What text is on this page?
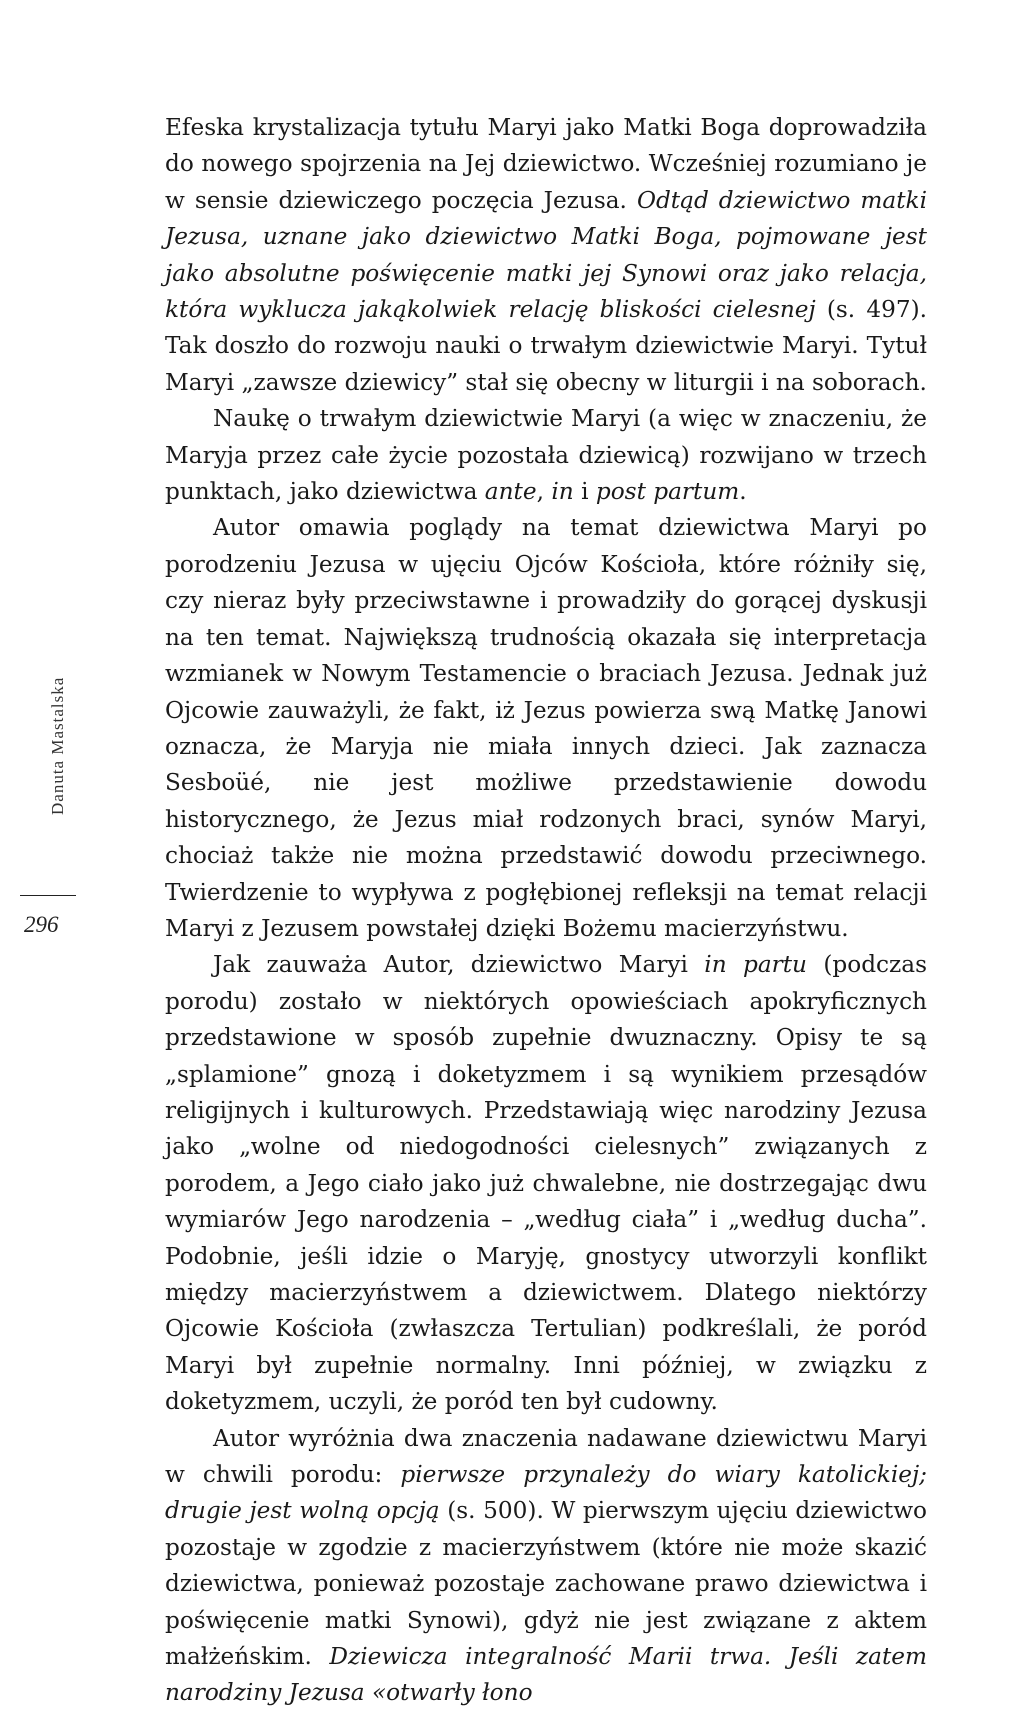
Danuta Mastalska
296

Efeska krystalizacja tytułu Maryi jako Matki Boga doprowadziła do nowego spojrzenia na Jej dziewictwo. Wcześniej rozumiano je w sensie dziewiczego poczęcia Jezusa. Odtąd dziewictwo matki Jezusa, uznane jako dziewictwo Matki Boga, pojmowane jest jako absolutne poświęcenie matki jej Synowi oraz jako relacja, która wyklucza jakąkolwiek relację bliskości cielesnej (s. 497). Tak doszło do rozwoju nauki o trwałym dziewictwie Maryi. Tytuł Maryi „zawsze dziewicy” stał się obecny w liturgii i na soborach.

Naukę o trwałym dziewictwie Maryi (a więc w znaczeniu, że Maryja przez całe życie pozostała dziewicą) rozwijano w trzech punktach, jako dziewictwa ante, in i post partum.

Autor omawia poglądy na temat dziewictwa Maryi po porodzeniu Jezusa w ujęciu Ojców Kościoła, które różniły się, czy nieraz były przeciwstawne i prowadziły do gorącej dyskusji na ten temat. Największą trudnością okazała się interpretacja wzmianek w Nowym Testamencie o braciach Jezusa. Jednak już Ojcowie zauważyli, że fakt, iż Jezus powierza swą Matkę Janowi oznacza, że Maryja nie miała innych dzieci. Jak zaznacza Sesboüé, nie jest możliwe przedstawienie dowodu historycznego, że Jezus miał rodzonych braci, synów Maryi, chociaż także nie można przedstawić dowodu przeciwnego. Twierdzenie to wypływa z pogłębionej refleksji na temat relacji Maryi z Jezusem powstałej dzięki Bożemu macierzyństwu.

Jak zauważa Autor, dziewictwo Maryi in partu (podczas porodu) zostało w niektórych opowieściach apokryficznych przedstawione w sposób zupełnie dwuznaczny. Opisy te są „splamione” gnozą i doketyzmem i są wynikiem przesądów religijnych i kulturowych. Przedstawiają więc narodziny Jezusa jako „wolne od niedogodności cielesnych” związanych z porodem, a Jego ciało jako już chwalebne, nie dostrzegając dwu wymiarów Jego narodzenia – „według ciała” i „według ducha”. Podobnie, jeśli idzie o Maryję, gnostycy utworzyli konflikt między macierzyństwem a dziewictwem. Dlatego niektórzy Ojcowie Kościoła (zwłaszcza Tertulian) podkreślali, że poród Maryi był zupełnie normalny. Inni później, w związku z doketyzmem, uczyli, że poród ten był cudowny.

Autor wyróżnia dwa znaczenia nadawane dziewictwu Maryi w chwili porodu: pierwsze przynależy do wiary katolickiej; drugie jest wolną opcją (s. 500). W pierwszym ujęciu dziewictwo pozostaje w zgodzie z macierzyństwem (które nie może skazić dziewictwa, ponieważ pozostaje zachowane prawo dziewictwa i poświęcenie matki Synowi), gdyż nie jest związane z aktem małżeńskim. Dziewicza integralność Marii trwa. Jeśli zatem narodziny Jezusa «otwarły łono
